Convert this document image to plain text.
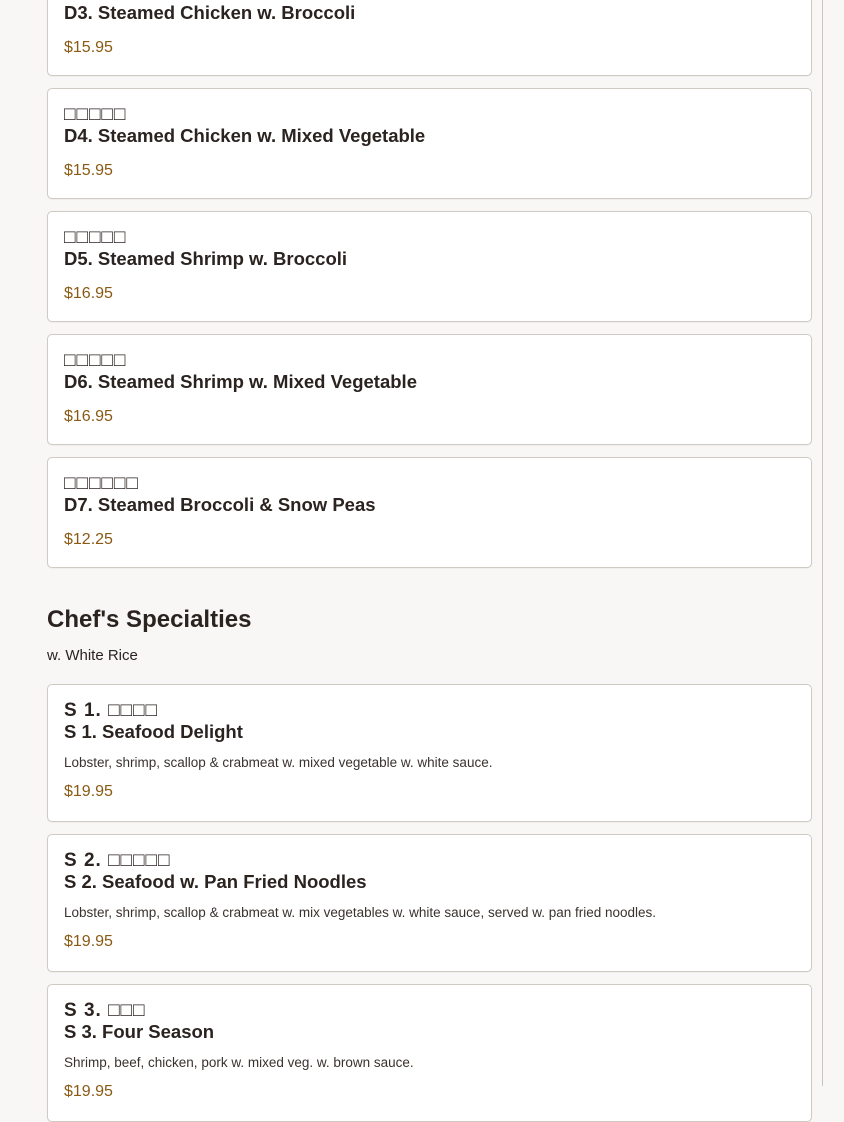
D3. Steamed Chicken w. Broccoli
$15.95
□□□□□
D4. Steamed Chicken w. Mixed Vegetable
$15.95
□□□□□
D5. Steamed Shrimp w. Broccoli
$16.95
□□□□□
D6. Steamed Shrimp w. Mixed Vegetable
$16.95
□□□□□□
D7. Steamed Broccoli & Snow Peas
$12.25
Chef's Specialties
w. White Rice
S 1. □□□□
S 1. Seafood Delight
Lobster, shrimp, scallop & crabmeat w. mixed vegetable w. white sauce.
$19.95
S 2. □□□□□
S 2. Seafood w. Pan Fried Noodles
Lobster, shrimp, scallop & crabmeat w. mix vegetables w. white sauce, served w. pan fried noodles.
$19.95
S 3. □□□
S 3. Four Season
Shrimp, beef, chicken, pork w. mixed veg. w. brown sauce.
$19.95
